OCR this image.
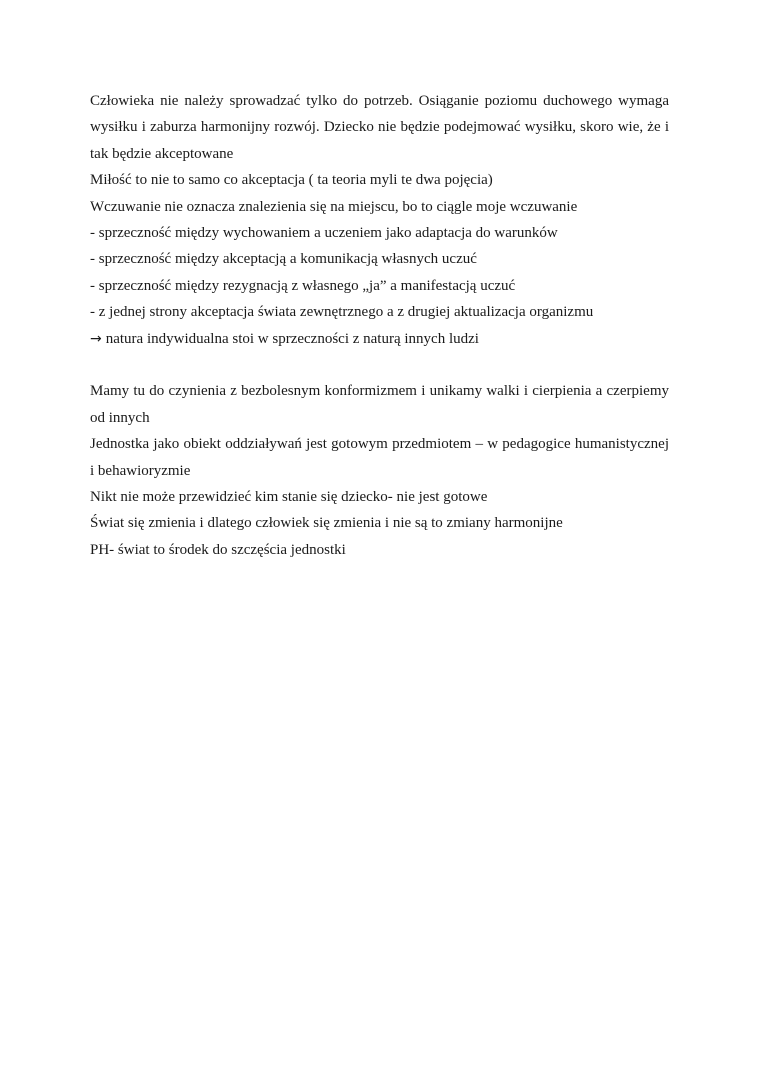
Człowieka nie należy sprowadzać tylko do potrzeb. Osiąganie poziomu duchowego wymaga wysiłku i zaburza harmonijny rozwój. Dziecko nie będzie podejmować wysiłku, skoro wie, że i tak będzie akceptowane

Miłość to nie to samo co akceptacja ( ta teoria myli te dwa pojęcia)

Wczuwanie nie oznacza znalezienia się na miejscu, bo to ciągle moje wczuwanie

- sprzeczność między wychowaniem a uczeniem jako adaptacja do warunków

- sprzeczność między akceptacją a komunikacją własnych uczuć

- sprzeczność między rezygnacją z własnego „ja” a manifestacją uczuć

- z jednej strony akceptacja świata zewnętrznego a z drugiej aktualizacja organizmu

→ natura indywidualna stoi w sprzeczności z naturą innych ludzi

Mamy tu do czynienia z bezbolesnym konformizmem i unikamy walki i cierpienia a czerpiemy od innych

Jednostka jako obiekt oddziaływań jest gotowym przedmiotem – w pedagogice humanistycznej i behawioryzmie

Nikt nie może przewidzieć kim stanie się dziecko- nie jest gotowe

Świat się zmienia i dlatego człowiek się zmienia i nie są to zmiany harmonijne

PH- świat to środek do szczęścia jednostki
